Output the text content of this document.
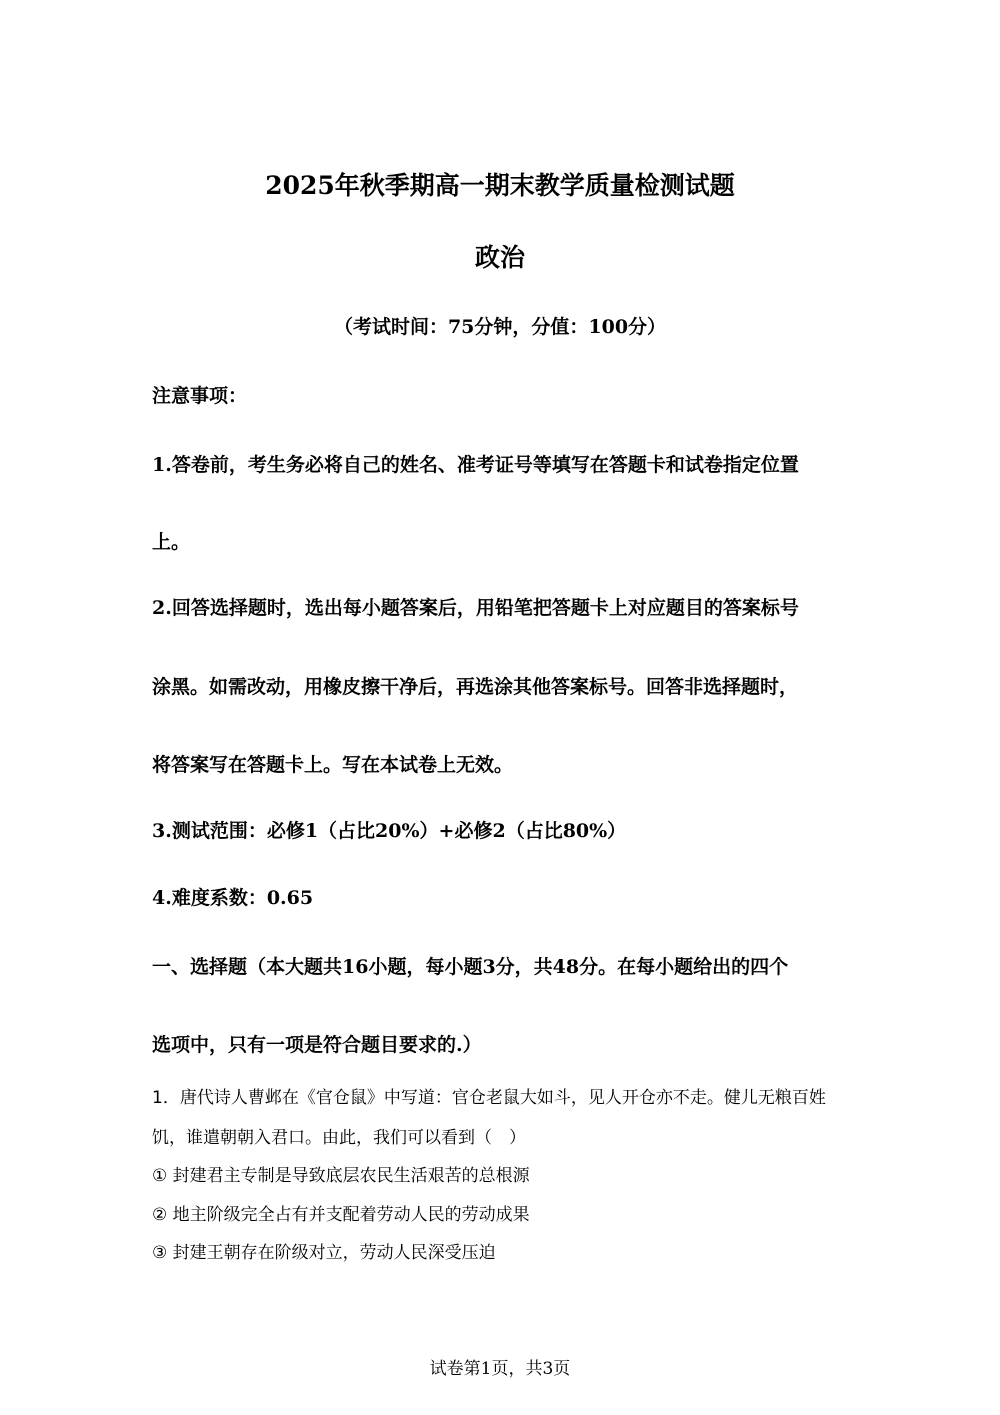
2025年秋季期高一期末教学质量检测试题
政治
（考试时间：75分钟，分值：100分）
注意事项：
1.答卷前，考生务必将自己的姓名、准考证号等填写在答题卡和试卷指定位置
上。
2.回答选择题时，选出每小题答案后，用铅笔把答题卡上对应题目的答案标号
涂黑。如需改动，用橡皮擦干净后，再选涂其他答案标号。回答非选择题时，
将答案写在答题卡上。写在本试卷上无效。
3.测试范围：必修1（占比20%）+必修2（占比80%）
4.难度系数：0.65
一、选择题（本大题共16小题，每小题3分，共48分。在每小题给出的四个
选项中，只有一项是符合题目要求的.）
1．唐代诗人曹邺在《官仓鼠》中写道：官仓老鼠大如斗，见人开仓亦不走。健儿无粮百姓
饥，谁遣朝朝入君口。由此，我们可以看到（　）
① 封建君主专制是导致底层农民生活艰苦的总根源
② 地主阶级完全占有并支配着劳动人民的劳动成果
③ 封建王朝存在阶级对立，劳动人民深受压迫
试卷第1页，共3页
